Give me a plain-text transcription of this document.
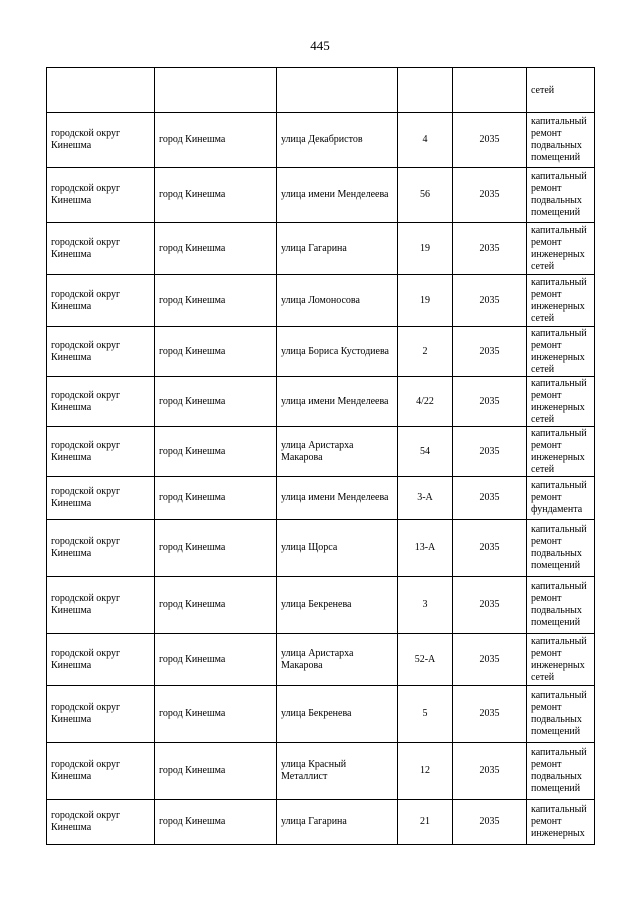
445
					сетей
городской округ Кинешма	город Кинешма	улица Декабристов	4	2035	капитальный ремонт подвальных помещений
городской округ Кинешма	город Кинешма	улица имени Менделеева	56	2035	капитальный ремонт подвальных помещений
городской округ Кинешма	город Кинешма	улица Гагарина	19	2035	капитальный ремонт инженерных сетей
городской округ Кинешма	город Кинешма	улица Ломоносова	19	2035	капитальный ремонт инженерных сетей
городской округ Кинешма	город Кинешма	улица Бориса Кустодиева	2	2035	капитальный ремонт инженерных сетей
городской округ Кинешма	город Кинешма	улица имени Менделеева	4/22	2035	капитальный ремонт инженерных сетей
городской округ Кинешма	город Кинешма	улица Аристарха Макарова	54	2035	капитальный ремонт инженерных сетей
городской округ Кинешма	город Кинешма	улица имени Менделеева	3-А	2035	капитальный ремонт фундамента
городской округ Кинешма	город Кинешма	улица Щорса	13-А	2035	капитальный ремонт подвальных помещений
городской округ Кинешма	город Кинешма	улица Бекренева	3	2035	капитальный ремонт подвальных помещений
городской округ Кинешма	город Кинешма	улица Аристарха Макарова	52-А	2035	капитальный ремонт инженерных сетей
городской округ Кинешма	город Кинешма	улица Бекренева	5	2035	капитальный ремонт подвальных помещений
городской округ Кинешма	город Кинешма	улица Красный Металлист	12	2035	капитальный ремонт подвальных помещений
городской округ Кинешма	город Кинешма	улица Гагарина	21	2035	капитальный ремонт инженерных
